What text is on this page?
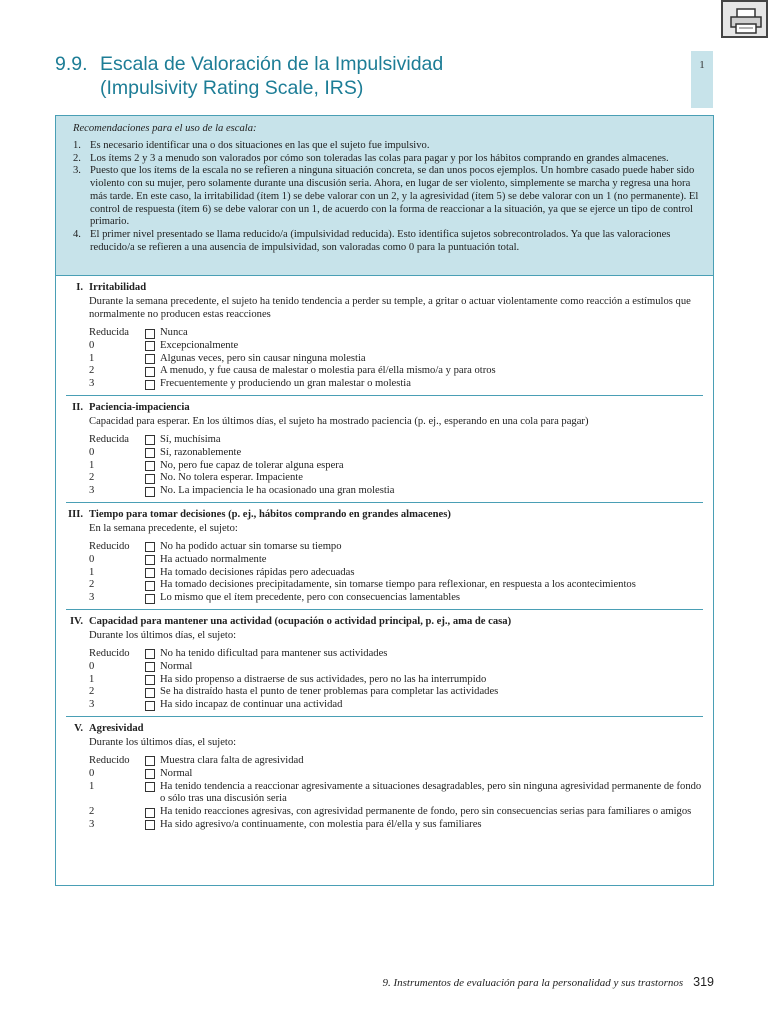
9.9. Escala de Valoración de la Impulsividad
(Impulsivity Rating Scale, IRS)
1
Recomendaciones para el uso de la escala:
1. Es necesario identificar una o dos situaciones en las que el sujeto fue impulsivo.
2. Los ítems 2 y 3 a menudo son valorados por cómo son toleradas las colas para pagar y por los hábitos comprando en grandes almacenes.
3. Puesto que los ítems de la escala no se refieren a ninguna situación concreta, se dan unos pocos ejemplos. Un hombre casado puede haber sido violento con su mujer, pero solamente durante una discusión seria. Ahora, en lugar de ser violento, simplemente se marcha y regresa una hora más tarde. En este caso, la irritabilidad (ítem 1) se debe valorar con un 2, y la agresividad (ítem 5) se debe valorar con un 1 (no permanente). El control de respuesta (ítem 6) se debe valorar con un 1, de acuerdo con la forma de reaccionar a la situación, ya que se ejerce un tipo de control primario.
4. El primer nivel presentado se llama reducido/a (impulsividad reducida). Esto identifica sujetos sobrecontrolados. Ya que las valoraciones reducido/a se refieren a una ausencia de impulsividad, son valoradas como 0 para la puntuación total.
I. Irritabilidad
Durante la semana precedente, el sujeto ha tenido tendencia a perder su temple, a gritar o actuar violentamente como reacción a estímulos que normalmente no producen estas reacciones
Reducida	Nunca
0	Excepcionalmente
1	Algunas veces, pero sin causar ninguna molestia
2	A menudo, y fue causa de malestar o molestia para él/ella mismo/a y para otros
3	Frecuentemente y produciendo un gran malestar o molestia
II. Paciencia-impaciencia
Capacidad para esperar. En los últimos días, el sujeto ha mostrado paciencia (p. ej., esperando en una cola para pagar)
Reducida	Sí, muchísima
0	Sí, razonablemente
1	No, pero fue capaz de tolerar alguna espera
2	No. No tolera esperar. Impaciente
3	No. La impaciencia le ha ocasionado una gran molestia
III. Tiempo para tomar decisiones (p. ej., hábitos comprando en grandes almacenes)
En la semana precedente, el sujeto:
Reducido	No ha podido actuar sin tomarse su tiempo
0	Ha actuado normalmente
1	Ha tomado decisiones rápidas pero adecuadas
2	Ha tomado decisiones precipitadamente, sin tomarse tiempo para reflexionar, en respuesta a los acontecimientos
3	Lo mismo que el ítem precedente, pero con consecuencias lamentables
IV. Capacidad para mantener una actividad (ocupación o actividad principal, p. ej., ama de casa)
Durante los últimos días, el sujeto:
Reducido	No ha tenido dificultad para mantener sus actividades
0	Normal
1	Ha sido propenso a distraerse de sus actividades, pero no las ha interrumpido
2	Se ha distraído hasta el punto de tener problemas para completar las actividades
3	Ha sido incapaz de continuar una actividad
V. Agresividad
Durante los últimos días, el sujeto:
Reducido	Muestra clara falta de agresividad
0	Normal
1	Ha tenido tendencia a reaccionar agresivamente a situaciones desagradables, pero sin ninguna agresividad permanente de fondo o sólo tras una discusión seria
2	Ha tenido reacciones agresivas, con agresividad permanente de fondo, pero sin consecuencias serias para familiares o amigos
3	Ha sido agresivo/a continuamente, con molestia para él/ella y sus familiares
9. Instrumentos de evaluación para la personalidad y sus trastornos 319
